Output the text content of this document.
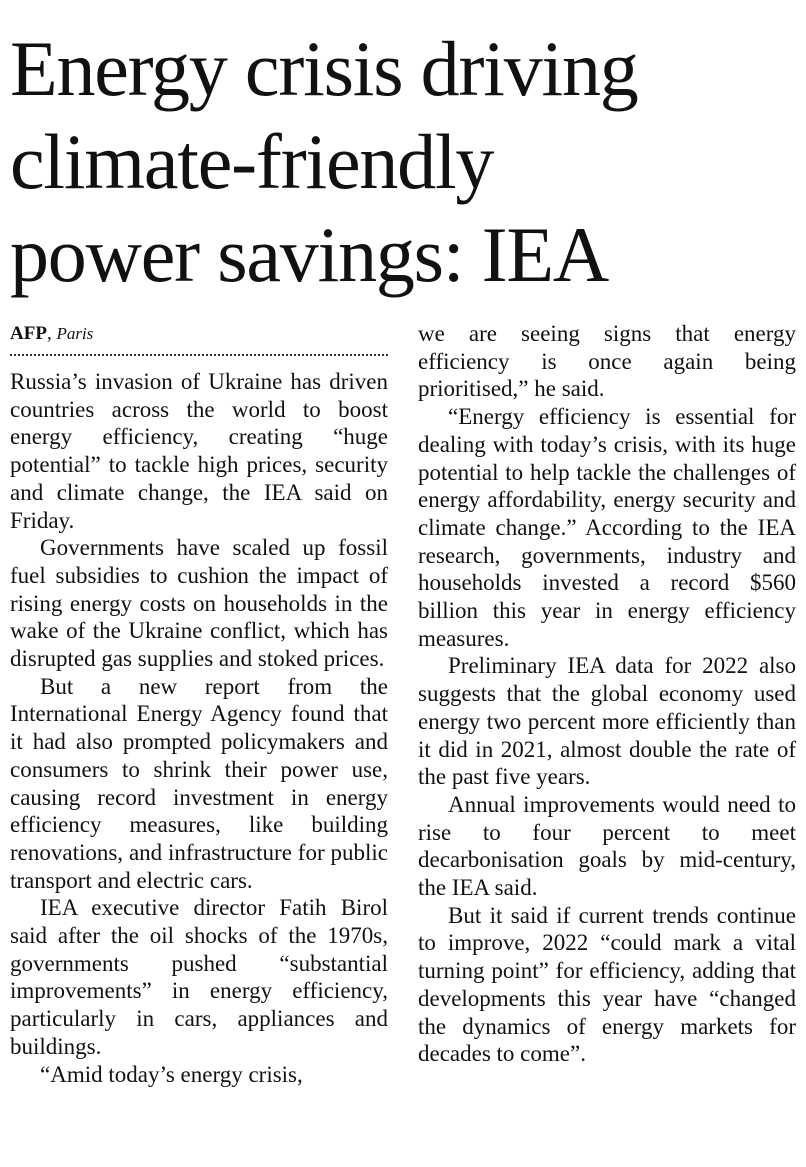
Energy crisis driving
climate-friendly
power savings: IEA
AFP, Paris

Russia’s invasion of Ukraine has driven countries across the world to boost energy efficiency, creating “huge potential” to tackle high prices, security and climate change, the IEA said on Friday.

Governments have scaled up fossil fuel subsidies to cushion the impact of rising energy costs on households in the wake of the Ukraine conflict, which has disrupted gas supplies and stoked prices.

But a new report from the International Energy Agency found that it had also prompted policymakers and consumers to shrink their power use, causing record investment in energy efficiency measures, like building renovations, and infrastructure for public transport and electric cars.

IEA executive director Fatih Birol said after the oil shocks of the 1970s, governments pushed “substantial improvements” in energy efficiency, particularly in cars, appliances and buildings.

“Amid today’s energy crisis,

we are seeing signs that energy efficiency is once again being prioritised,” he said.

“Energy efficiency is essential for dealing with today’s crisis, with its huge potential to help tackle the challenges of energy affordability, energy security and climate change.” According to the IEA research, governments, industry and households invested a record $560 billion this year in energy efficiency measures.

Preliminary IEA data for 2022 also suggests that the global economy used energy two percent more efficiently than it did in 2021, almost double the rate of the past five years.

Annual improvements would need to rise to four percent to meet decarbonisation goals by mid-century, the IEA said.

But it said if current trends continue to improve, 2022 “could mark a vital turning point” for efficiency, adding that developments this year have “changed the dynamics of energy markets for decades to come”.
